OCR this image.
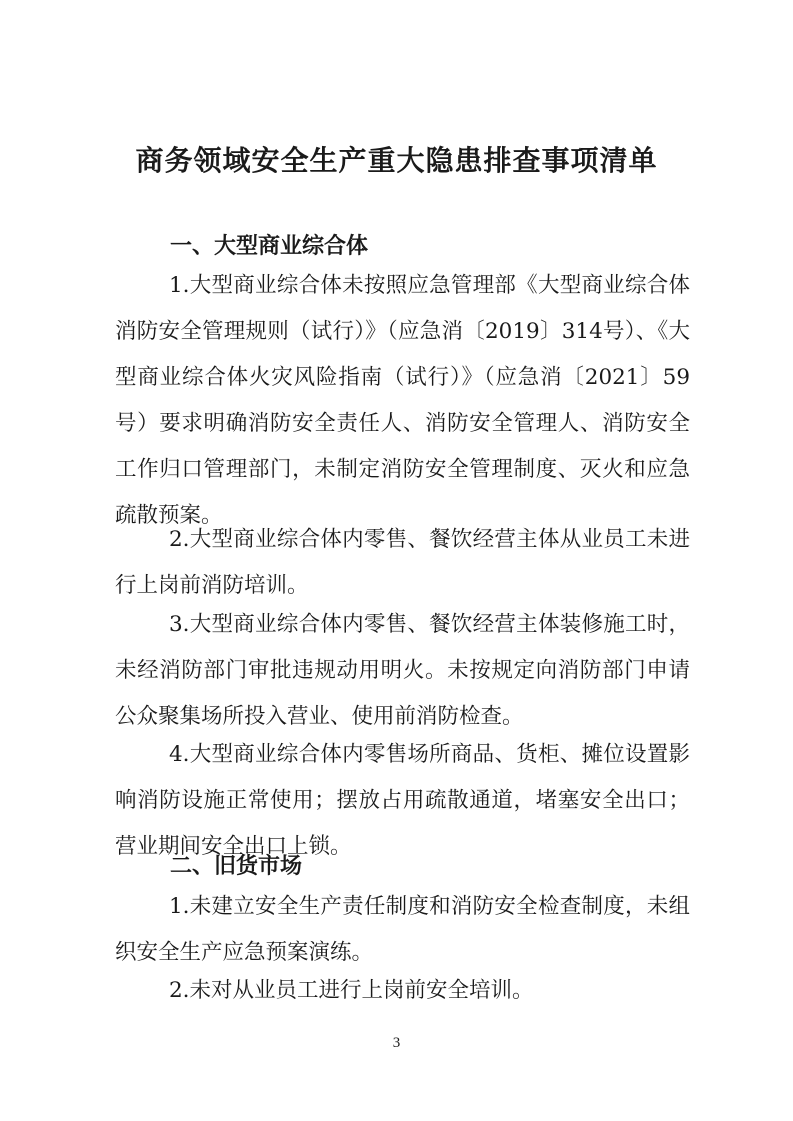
商务领域安全生产重大隐患排查事项清单
一、大型商业综合体
1.大型商业综合体未按照应急管理部《大型商业综合体消防安全管理规则（试行）》（应急消〔2019〕314号）、《大型商业综合体火灾风险指南（试行）》（应急消〔2021〕59号）要求明确消防安全责任人、消防安全管理人、消防安全工作归口管理部门，未制定消防安全管理制度、灭火和应急疏散预案。
2.大型商业综合体内零售、餐饮经营主体从业员工未进行上岗前消防培训。
3.大型商业综合体内零售、餐饮经营主体装修施工时，未经消防部门审批违规动用明火。未按规定向消防部门申请公众聚集场所投入营业、使用前消防检查。
4.大型商业综合体内零售场所商品、货柜、摊位设置影响消防设施正常使用；摆放占用疏散通道，堵塞安全出口；营业期间安全出口上锁。
二、旧货市场
1.未建立安全生产责任制度和消防安全检查制度，未组织安全生产应急预案演练。
2.未对从业员工进行上岗前安全培训。
3
